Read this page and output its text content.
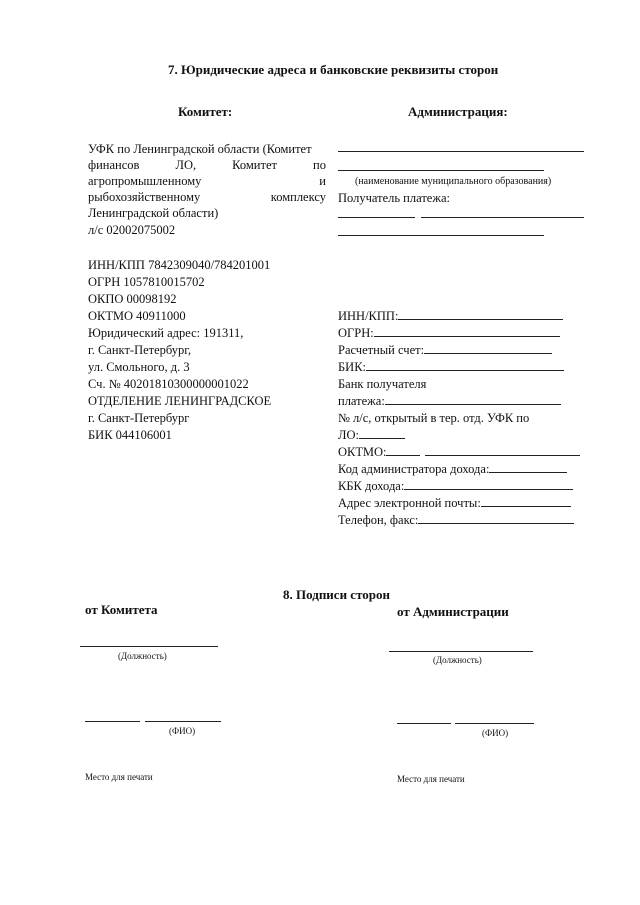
7. Юридические адреса и банковские реквизиты сторон
Комитет:	Администрация:
УФК по Ленинградской области (Комитет
финансов	ЛО,	Комитет	по
агропромышленному	и
рыбохозяйственному	комплексу
Ленинградской области)
л/с 02002075002
ИНН/КПП 7842309040/784201001
ОГРН 1057810015702
ОКПО 00098192
ОКТМО 40911000
Юридический адрес: 191311,
г. Санкт-Петербург,
ул. Смольного, д. 3
Сч. № 40201810300000001022
ОТДЕЛЕНИЕ ЛЕНИНГРАДСКОЕ
г. Санкт-Петербург
БИК 044106001
(наименование муниципального образования)
Получатель платежа:
ИНН/КПП:
ОГРН:
Расчетный счет:
БИК:
Банк получателя
платежа:
№ л/с, открытый в тер. отд. УФК по
ЛО:
ОКТМО:
Код администратора дохода:
КБК дохода:
Адрес электронной почты:
Телефон, факс:
8. Подписи сторон
от Комитета	от Администрации
(Должность)
(ФИО)
Место для печати
(Должность)
(ФИО)
Место для печати
